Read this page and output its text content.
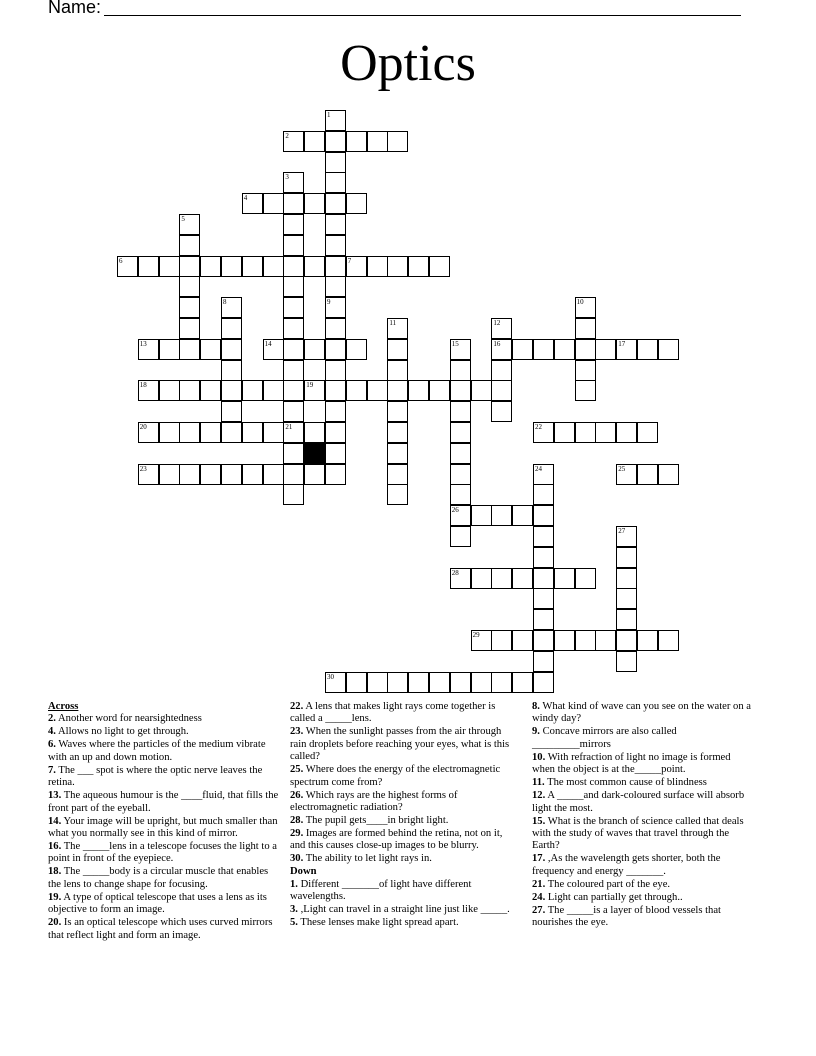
Name:
Optics
2
4
6	7
13	14	16	17
18	19
20	21	22
23	25
26
28
29
30
1
9
3
5
8	10
11	12
15
24
27
Across
2. Another word for nearsightedness
4. Allows no light to get through.
6. Waves where the particles of the medium vibrate with an up and down motion.
7. The ___ spot is where the optic nerve leaves the retina.
13. The aqueous humour is the ____fluid, that fills the front part of the eyeball.
14. Your image will be upright, but much smaller than what you normally see in this kind of mirror.
16. The _____lens in a telescope focuses the light to a point in front of the eyepiece.
18. The _____body is a circular muscle that enables the lens to change shape for focusing.
19. A type of optical telescope that uses a lens as its objective to form an image.
20. Is an optical telescope which uses curved mirrors that reflect light and form an image.
22. A lens that makes light rays come together is called a _____lens.
23. When the sunlight passes from the air through rain droplets before reaching your eyes, what is this called?
25. Where does the energy of the electromagnetic spectrum come from?
26. Which rays are the highest forms of electromagnetic radiation?
28. The pupil gets____in bright light.
29. Images are formed behind the retina, not on it, and this causes close-up images to be blurry.
30. The ability to let light rays in.
Down
1. Different _______of light have different wavelengths.
3. ,Light can travel in a straight line just like _____.
5. These lenses make light spread apart.
8. What kind of wave can you see on the water on a windy day?
9. Concave mirrors are also called _________mirrors
10. With refraction of light no image is formed when the object is at the_____point.
11. The most common cause of blindness
12. A _____and dark-coloured surface will absorb light the most.
15. What is the branch of science called that deals with the study of waves that travel through the Earth?
17. ,As the wavelength gets shorter, both the frequency and energy _______.
21. The coloured part of the eye.
24. Light can partially get through..
27. The _____is a layer of blood vessels that nourishes the eye.
